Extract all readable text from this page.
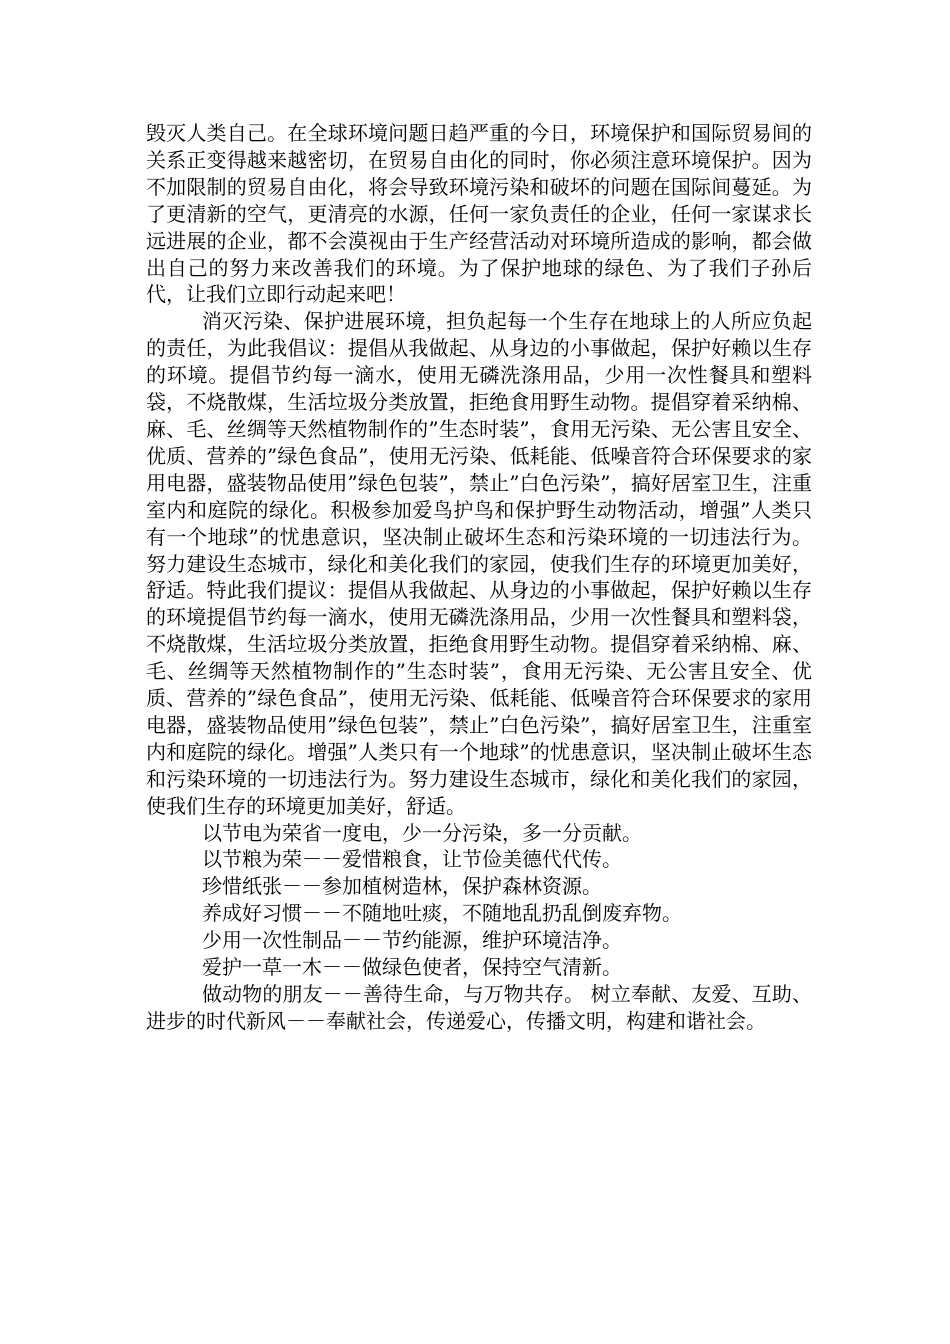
毁灭人类自己。在全球环境问题日趋严重的今日，环境保护和国际贸易间的关系正变得越来越密切，在贸易自由化的同时，你必须注意环境保护。因为不加限制的贸易自由化，将会导致环境污染和破坏的问题在国际间蔓延。为了更清新的空气，更清亮的水源，任何一家负责任的企业，任何一家谋求长远进展的企业，都不会漠视由于生产经营活动对环境所造成的影响，都会做出自己的努力来改善我们的环境。为了保护地球的绿色、为了我们子孙后代，让我们立即行动起来吧！

消灭污染、保护进展环境，担负起每一个生存在地球上的人所应负起的责任，为此我倡议：提倡从我做起、从身边的小事做起，保护好赖以生存的环境。提倡节约每一滴水，使用无磷洗涤用品，少用一次性餐具和塑料袋，不烧散煤，生活垃圾分类放置，拒绝食用野生动物。提倡穿着采纳棉、麻、毛、丝绸等天然植物制作的”生态时装”，食用无污染、无公害且安全、优质、营养的”绿色食品”，使用无污染、低耗能、低噪音符合环保要求的家用电器，盛装物品使用”绿色包装”，禁止”白色污染”，搞好居室卫生，注重室内和庭院的绿化。积极参加爱鸟护鸟和保护野生动物活动，增强”人类只有一个地球”的忧患意识，坚决制止破坏生态和污染环境的一切违法行为。努力建设生态城市，绿化和美化我们的家园，使我们生存的环境更加美好，舒适。特此我们提议：提倡从我做起、从身边的小事做起，保护好赖以生存的环境提倡节约每一滴水，使用无磷洗涤用品，少用一次性餐具和塑料袋，不烧散煤，生活垃圾分类放置，拒绝食用野生动物。提倡穿着采纳棉、麻、毛、丝绸等天然植物制作的”生态时装”，食用无污染、无公害且安全、优质、营养的”绿色食品”，使用无污染、低耗能、低噪音符合环保要求的家用电器，盛装物品使用”绿色包装”，禁止”白色污染”，搞好居室卫生，注重室内和庭院的绿化。增强”人类只有一个地球”的忧患意识，坚决制止破坏生态和污染环境的一切违法行为。努力建设生态城市，绿化和美化我们的家园，使我们生存的环境更加美好，舒适。

以节电为荣省一度电，少一分污染，多一分贡献。

以节粮为荣－－爱惜粮食，让节俭美德代代传。

珍惜纸张－－参加植树造林，保护森林资源。

养成好习惯－－不随地吐痰，不随地乱扔乱倒废弃物。

少用一次性制品－－节约能源，维护环境洁净。

爱护一草一木－－做绿色使者，保持空气清新。

做动物的朋友－－善待生命，与万物共存。 树立奉献、友爱、互助、进步的时代新风－－奉献社会，传递爱心，传播文明，构建和谐社会。
